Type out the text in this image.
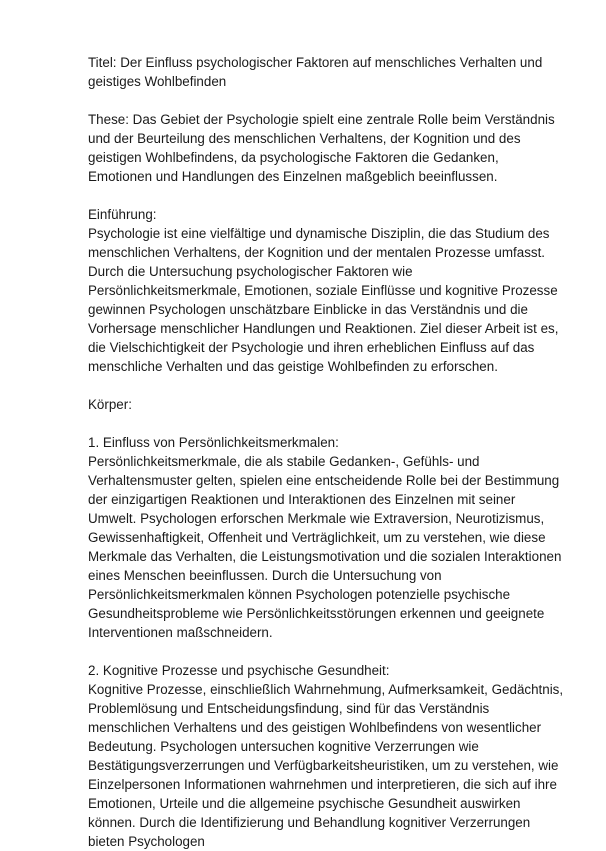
Titel: Der Einfluss psychologischer Faktoren auf menschliches Verhalten und geistiges Wohlbefinden

These: Das Gebiet der Psychologie spielt eine zentrale Rolle beim Verständnis und der Beurteilung des menschlichen Verhaltens, der Kognition und des geistigen Wohlbefindens, da psychologische Faktoren die Gedanken, Emotionen und Handlungen des Einzelnen maßgeblich beeinflussen.

Einführung:

Psychologie ist eine vielfältige und dynamische Disziplin, die das Studium des menschlichen Verhaltens, der Kognition und der mentalen Prozesse umfasst. Durch die Untersuchung psychologischer Faktoren wie Persönlichkeitsmerkmale, Emotionen, soziale Einflüsse und kognitive Prozesse gewinnen Psychologen unschätzbare Einblicke in das Verständnis und die Vorhersage menschlicher Handlungen und Reaktionen. Ziel dieser Arbeit ist es, die Vielschichtigkeit der Psychologie und ihren erheblichen Einfluss auf das menschliche Verhalten und das geistige Wohlbefinden zu erforschen.

Körper:

1. Einfluss von Persönlichkeitsmerkmalen:

Persönlichkeitsmerkmale, die als stabile Gedanken-, Gefühls- und Verhaltensmuster gelten, spielen eine entscheidende Rolle bei der Bestimmung der einzigartigen Reaktionen und Interaktionen des Einzelnen mit seiner Umwelt. Psychologen erforschen Merkmale wie Extraversion, Neurotizismus, Gewissenhaftigkeit, Offenheit und Verträglichkeit, um zu verstehen, wie diese Merkmale das Verhalten, die Leistungsmotivation und die sozialen Interaktionen eines Menschen beeinflussen. Durch die Untersuchung von Persönlichkeitsmerkmalen können Psychologen potenzielle psychische Gesundheitsprobleme wie Persönlichkeitsstörungen erkennen und geeignete Interventionen maßschneidern.

2. Kognitive Prozesse und psychische Gesundheit:

Kognitive Prozesse, einschließlich Wahrnehmung, Aufmerksamkeit, Gedächtnis, Problemlösung und Entscheidungsfindung, sind für das Verständnis menschlichen Verhaltens und des geistigen Wohlbefindens von wesentlicher Bedeutung. Psychologen untersuchen kognitive Verzerrungen wie Bestätigungsverzerrungen und Verfügbarkeitsheuristiken, um zu verstehen, wie Einzelpersonen Informationen wahrnehmen und interpretieren, die sich auf ihre Emotionen, Urteile und die allgemeine psychische Gesundheit auswirken können. Durch die Identifizierung und Behandlung kognitiver Verzerrungen bieten Psychologen
